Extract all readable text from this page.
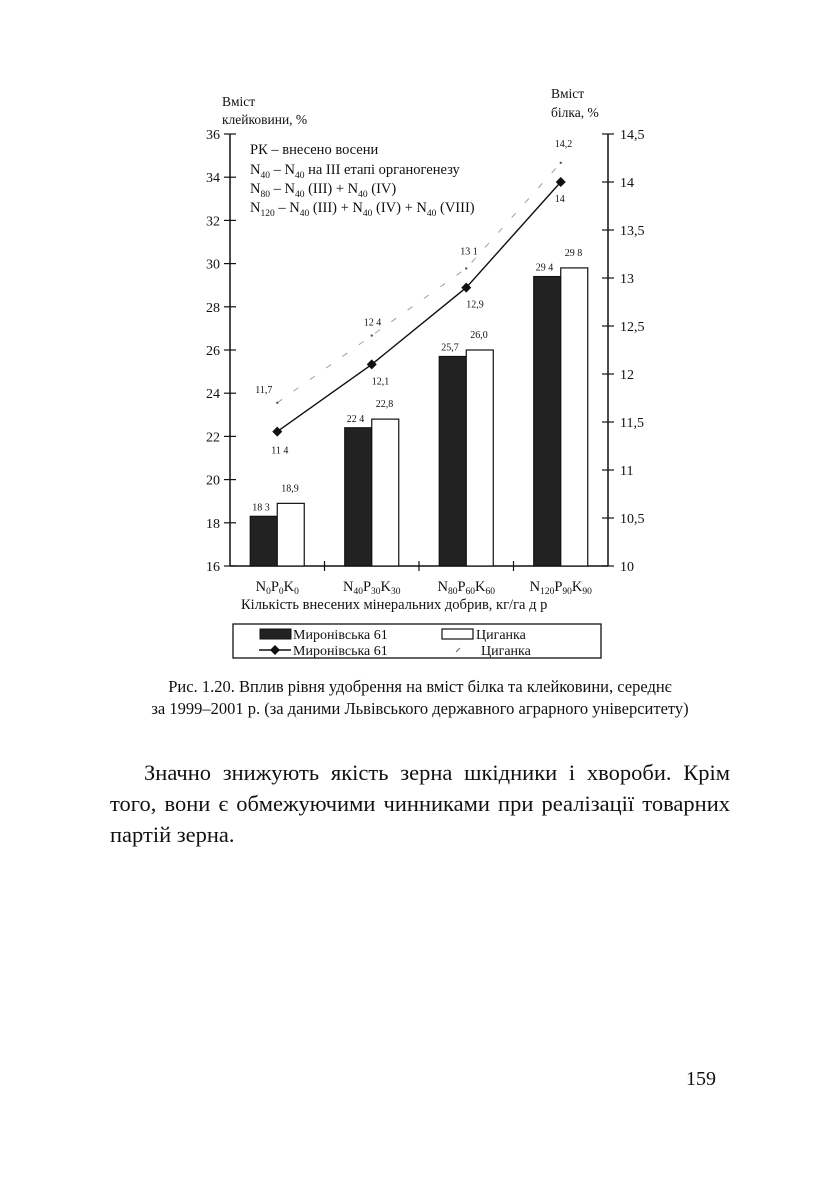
16
18
20
22
24
26
28
30
32
34
36
10
10,5
11
11,5
12
12,5
13
13,5
14
14,5
Вміст
клейковини, %
Вміст
білка, %
18 3
22 4
25,7
29 4
18,9
22,8
26,0
29 8
11 4
12,1
12,9
14
11,7
12 4
13 1
14,2
РК – внесено восени
$N_{40} - N_{40}$ на ІІІ етапі органогенезу
$N_{80} - N_{40}$ $(ІІІ) + N_{40}$ (IV)
$N_{120} - N_{40}$ $(ІІІ) + N_{40}$ $(IV) + N_{40}$ (VIII)
$N_0P_0K_0$	$N_{40}P_{30}K_{30}$	$N_{80}P_{60}K_{60}$ $N_{120}P_{90}K_{90}$
Кількість внесених мінеральних добрив, кг/га д р
Миронівська 61	Циганка
Миронівська 61	Циганка

Рис. 1.20. Вплив рівня удобрення на вміст білка та клейковини, середнє

за 1999–2001 р. (за даними Львівського державного аграрного університету)

Значно знижують якість зерна шкідники і хвороби. Крім того, вони є обмежуючими чинниками при реалізації товарних партій зерна.
159
